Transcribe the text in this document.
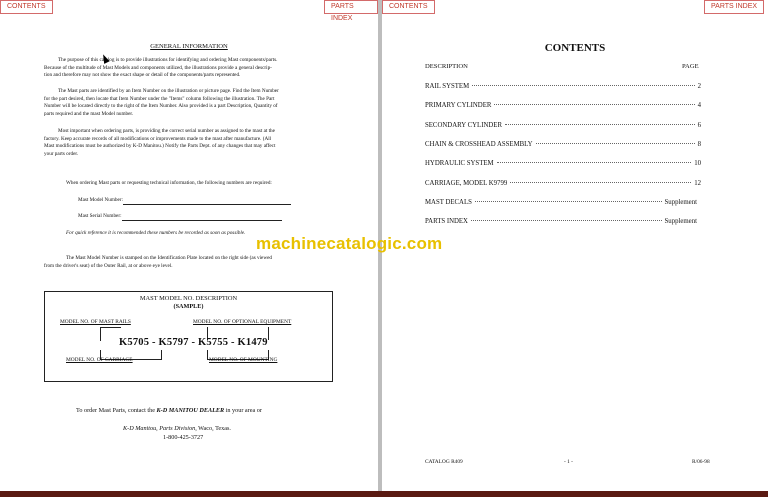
CONTENTS	PARTS INDEX
GENERAL INFORMATION
The purpose of this catalog is to provide illustrations for identifying and ordering Mast components/parts.
Because of the multitude of Mast Models and components utilized, the illustrations provide a general descrip-
tion and therefore may not show the exact shape or detail of the components/parts represented.
The Mast parts are identified by an Item Number on the illustration or picture page. Find the Item Number
for the part desired, then locate that Item Number under the "Items" column following the illustration. The Part
Number will be located directly to the right of the Item Number. Also provided is a part Description, Quantity of
parts required and the mast Model number.
Most important when ordering parts, is providing the correct serial number as assigned to the mast at the
factory. Keep accurate records of all modifications or improvements made to the mast after manufacture. (All
Mast modifications must be authorized by K-D Manitou.) Notify the Parts Dept. of any changes that may affect
your parts order.
When ordering Mast parts or requesting technical information, the following numbers are required:
Mast Model Number:
Mast Serial Number:
For quick reference it is recommended these numbers be recorded as soon as possible.
The Mast Model Number is stamped on the Identification Plate located on the right side (as viewed
from the driver's seat) of the Outer Rail, at or above eye level.
MAST MODEL NO. DESCRIPTION
(SAMPLE)
MODEL NO. OF MAST RAILS	MODEL NO. OF OPTIONAL EQUIPMENT
K5705 - K5797 - K5755 - K1479
MODEL NO. OF CARRIAGE	MODEL NO. OF MOUNTING
To order Mast Parts, contact the K-D MANITOU DEALER in your area or
K-D Manitou, Parts Division, Waco, Texas.
1-800-425-3727
CONTENTS	PARTS INDEX
CONTENTS
DESCRIPTION	PAGE
RAIL SYSTEM	2
PRIMARY CYLINDER	4
SECONDARY CYLINDER	6
CHAIN & CROSSHEAD ASSEMBLY	8
HYDRAULIC SYSTEM	10
CARRIAGE, MODEL K9799	12
MAST DECALS	Supplement
PARTS INDEX	Supplement
CATALOG R409	- 1 -	R/06-98
machinecatalogic.com
